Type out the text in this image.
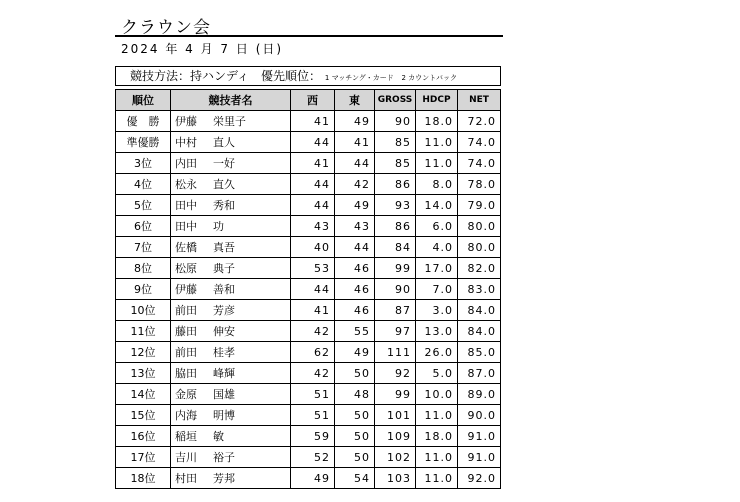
クラウン会
2024 年 4 月 7 日 (日)
競技方法：持ハンディ 優先順位： 1 マッチング・カード 2 カウントバック
順位	競技者名	西	東	GROSS	HDCP	NET
優　勝	伊藤 栄里子	41	49	90	18.0	72.0
準優勝	中村 直人	44	41	85	11.0	74.0
3位	内田 一好	41	44	85	11.0	74.0
4位	松永 直久	44	42	86	8.0	78.0
5位	田中 秀和	44	49	93	14.0	79.0
6位	田中 功	43	43	86	6.0	80.0
7位	佐橋 真吾	40	44	84	4.0	80.0
8位	松原 典子	53	46	99	17.0	82.0
9位	伊藤 善和	44	46	90	7.0	83.0
10位	前田 芳彦	41	46	87	3.0	84.0
11位	藤田 伸安	42	55	97	13.0	84.0
12位	前田 桂孝	62	49	111	26.0	85.0
13位	脇田 峰輝	42	50	92	5.0	87.0
14位	金原 国雄	51	48	99	10.0	89.0
15位	内海 明博	51	50	101	11.0	90.0
16位	稲垣 敏	59	50	109	18.0	91.0
17位	吉川 裕子	52	50	102	11.0	91.0
18位	村田 芳邦	49	54	103	11.0	92.0
